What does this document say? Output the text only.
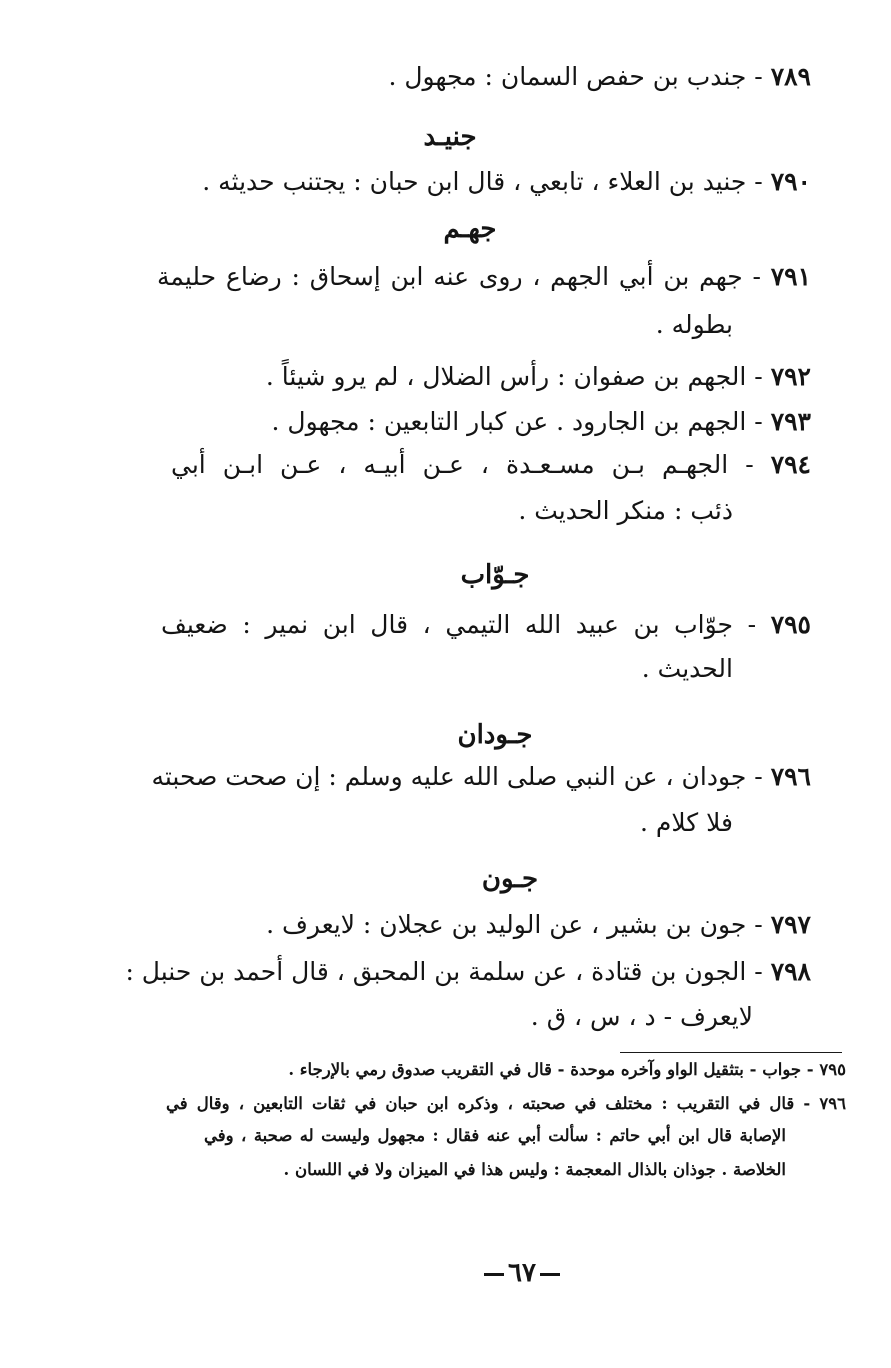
٧٨٩ - جندب بن حفص السمان : مجهول .
جنيـد
٧٩٠ - جنيد بن العلاء ، تابعي ، قال ابن حبان : يجتنب حديثه .
جهـم
٧٩١ - جهم بن أبي الجهم ، روى عنه ابن إسحاق : رضاع حليمة
بطوله .
٧٩٢ - الجهم بن صفوان : رأس الضلال ، لم يرو شيئاً .
٧٩٣ - الجهم بن الجارود . عن كبار التابعين : مجهول .
٧٩٤ - الجهـم بـن مسـعـدة ، عـن أبيـه ، عـن ابـن أبي
ذئب : منكر الحديث .
جـوّاب
٧٩٥ - جوّاب بن عبيد الله التيمي ، قال ابن نمير : ضعيف
الحديث .
جـودان
٧٩٦ - جودان ، عن النبي صلى الله عليه وسلم : إن صحت صحبته
فلا كلام .
جـون
٧٩٧ - جون بن بشير ، عن الوليد بن عجلان : لايعرف .
٧٩٨ - الجون بن قتادة ، عن سلمة بن المحبق ، قال أحمد بن حنبل :
لايعرف - د ، س ، ق .
٧٩٥ - جواب - بتثقيل الواو وآخره موحدة - قال في التقريب صدوق رمي بالإرجاء .
٧٩٦ - قال في التقريب : مختلف في صحبته ، وذكره ابن حبان في ثقات التابعين ، وقال في
الإصابة قال ابن أبي حاتم : سألت أبي عنه فقال : مجهول وليست له صحبة ، وفي
الخلاصة . جوذان بالذال المعجمة : وليس هذا في الميزان ولا في اللسان .
٦٧
